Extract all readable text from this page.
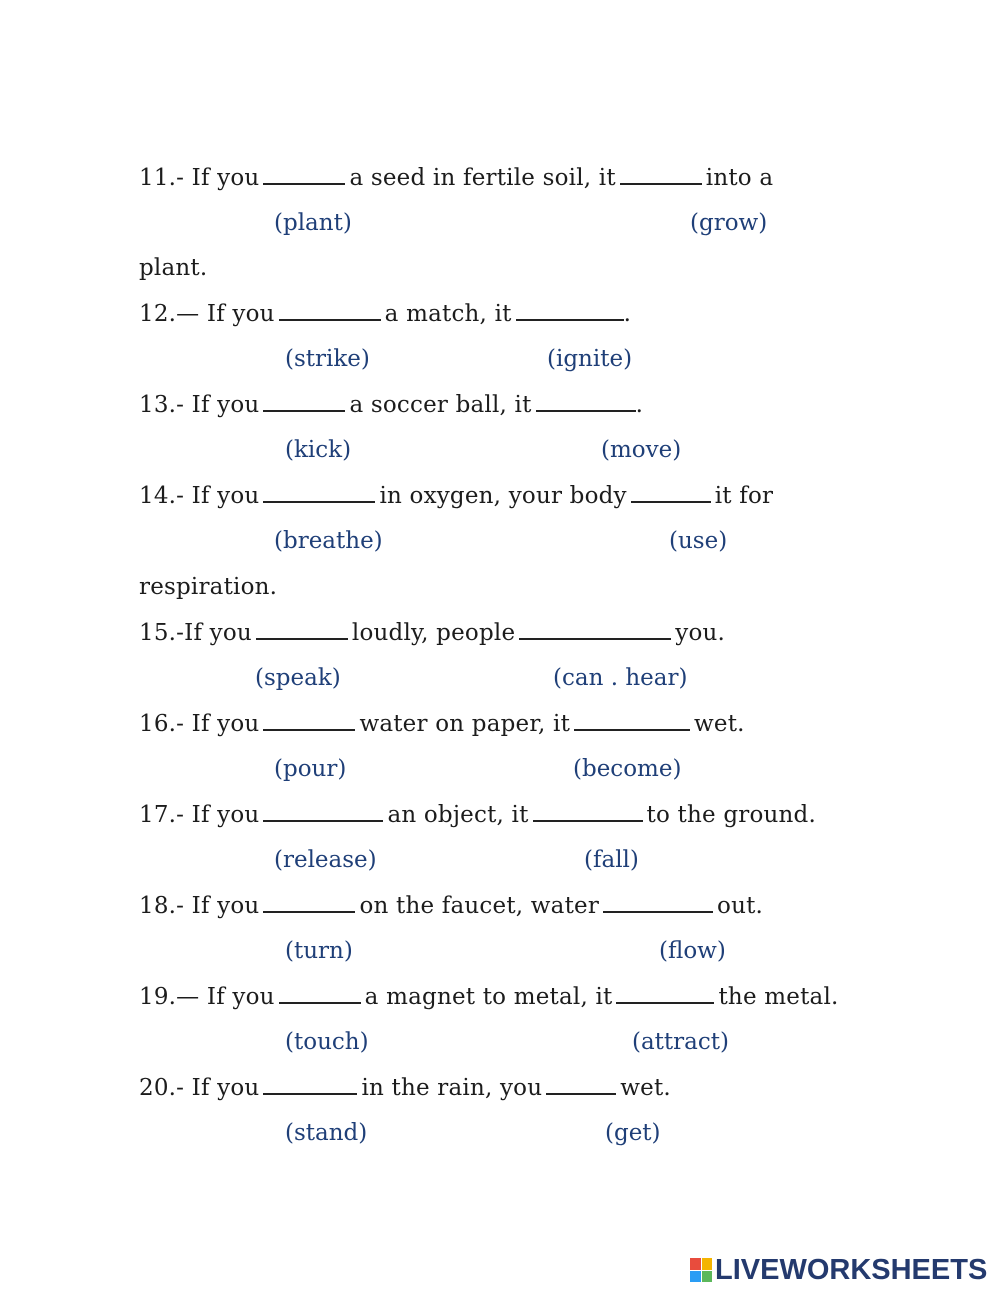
11.- If you	a seed in fertile soil, it	into a
(plant)	(grow)
plant.
12.— If you	a match, it	.
(strike)	(ignite)
13.- If you	a soccer ball, it	.
(kick)	(move)
14.- If you	in oxygen, your body	it for
(breathe)	(use)
respiration.
15.-If you	loudly, people	you.
(speak)	(can . hear)
16.- If you	water on paper, it	wet.
(pour)	(become)
17.- If you	an object, it	to the ground.
(release)	(fall)
18.- If you	on the faucet, water	out.
(turn)	(flow)
19.— If you	a magnet to metal, it	the metal.
(touch)	(attract)
20.- If you	in the rain, you	wet.
(stand)	(get)
LIVEWORKSHEETS
